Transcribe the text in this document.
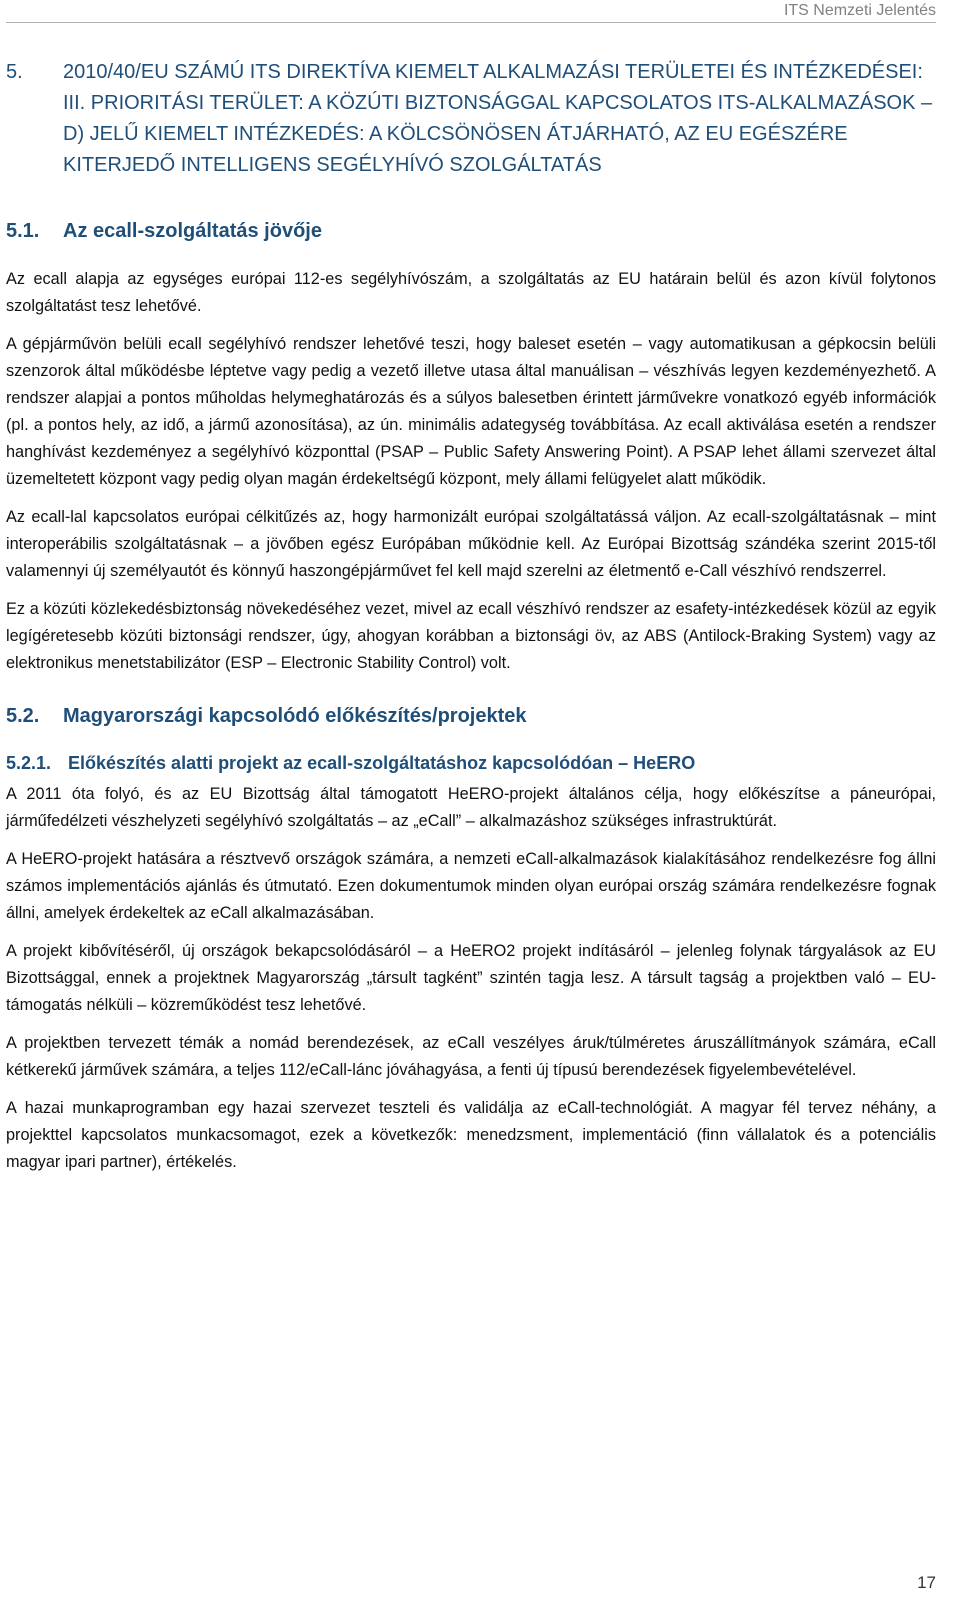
ITS Nemzeti Jelentés
5.	2010/40/EU SZÁMÚ ITS DIREKTÍVA KIEMELT ALKALMAZÁSI TERÜLETEI ÉS INTÉZKEDÉSEI: III. PRIORITÁSI TERÜLET: A KÖZÚTI BIZTONSÁGGAL KAPCSOLATOS ITS-ALKALMAZÁSOK – D) JELŰ KIEMELT INTÉZKEDÉS: A KÖLCSÖNÖSEN ÁTJÁRHATÓ, AZ EU EGÉSZÉRE KITERJEDŐ INTELLIGENS SEGÉLYHÍVÓ SZOLGÁLTATÁS
5.1.	Az ecall-szolgáltatás jövője

Az ecall alapja az egységes európai 112-es segélyhívószám, a szolgáltatás az EU határain belül és azon kívül folytonos szolgáltatást tesz lehetővé.

A gépjárművön belüli ecall segélyhívó rendszer lehetővé teszi, hogy baleset esetén – vagy automatikusan a gépkocsin belüli szenzorok által működésbe léptetve vagy pedig a vezető illetve utasa által manuálisan – vészhívás legyen kezdeményezhető. A rendszer alapjai a pontos műholdas helymeghatározás és a súlyos balesetben érintett járművekre vonatkozó egyéb információk (pl. a pontos hely, az idő, a jármű azonosítása), az ún. minimális adategység továbbítása. Az ecall aktiválása esetén a rendszer hanghívást kezdeményez a segélyhívó központtal (PSAP – Public Safety Answering Point). A PSAP lehet állami szervezet által üzemeltetett központ vagy pedig olyan magán érdekeltségű központ, mely állami felügyelet alatt működik.

Az ecall-lal kapcsolatos európai célkitűzés az, hogy harmonizált európai szolgáltatássá váljon. Az ecall-szolgáltatásnak – mint interoperábilis szolgáltatásnak – a jövőben egész Európában működnie kell. Az Európai Bizottság szándéka szerint 2015-től valamennyi új személyautót és könnyű haszongépjárművet fel kell majd szerelni az életmentő e-Call vészhívó rendszerrel.

Ez a közúti közlekedésbiztonság növekedéséhez vezet, mivel az ecall vészhívó rendszer az esafety-intézkedések közül az egyik legígéretesebb közúti biztonsági rendszer, úgy, ahogyan korábban a biztonsági öv, az ABS (Antilock-Braking System) vagy az elektronikus menetstabilizátor (ESP – Electronic Stability Control) volt.

5.2.	Magyarországi kapcsolódó előkészítés/projektek
5.2.1. Előkészítés alatti projekt az ecall-szolgáltatáshoz kapcsolódóan – HeERO

A 2011 óta folyó, és az EU Bizottság által támogatott HeERO-projekt általános célja, hogy előkészítse a páneurópai, járműfedélzeti vészhelyzeti segélyhívó szolgáltatás – az „eCall” – alkalmazáshoz szükséges infrastruktúrát.

A HeERO-projekt hatására a résztvevő országok számára, a nemzeti eCall-alkalmazások kialakításához rendelkezésre fog állni számos implementációs ajánlás és útmutató. Ezen dokumentumok minden olyan európai ország számára rendelkezésre fognak állni, amelyek érdekeltek az eCall alkalmazásában.

A projekt kibővítéséről, új országok bekapcsolódásáról – a HeERO2 projekt indításáról – jelenleg folynak tárgyalások az EU Bizottsággal, ennek a projektnek Magyarország „társult tagként” szintén tagja lesz. A társult tagság a projektben való – EU-támogatás nélküli – közreműködést tesz lehetővé.

A projektben tervezett témák a nomád berendezések, az eCall veszélyes áruk/túlméretes áruszállítmányok számára, eCall kétkerekű járművek számára, a teljes 112/eCall-lánc jóváhagyása, a fenti új típusú berendezések figyelembevételével.

A hazai munkaprogramban egy hazai szervezet teszteli és validálja az eCall-technológiát. A magyar fél tervez néhány, a projekttel kapcsolatos munkacsomagot, ezek a következők: menedzsment, implementáció (finn vállalatok és a potenciális magyar ipari partner), értékelés.

17
